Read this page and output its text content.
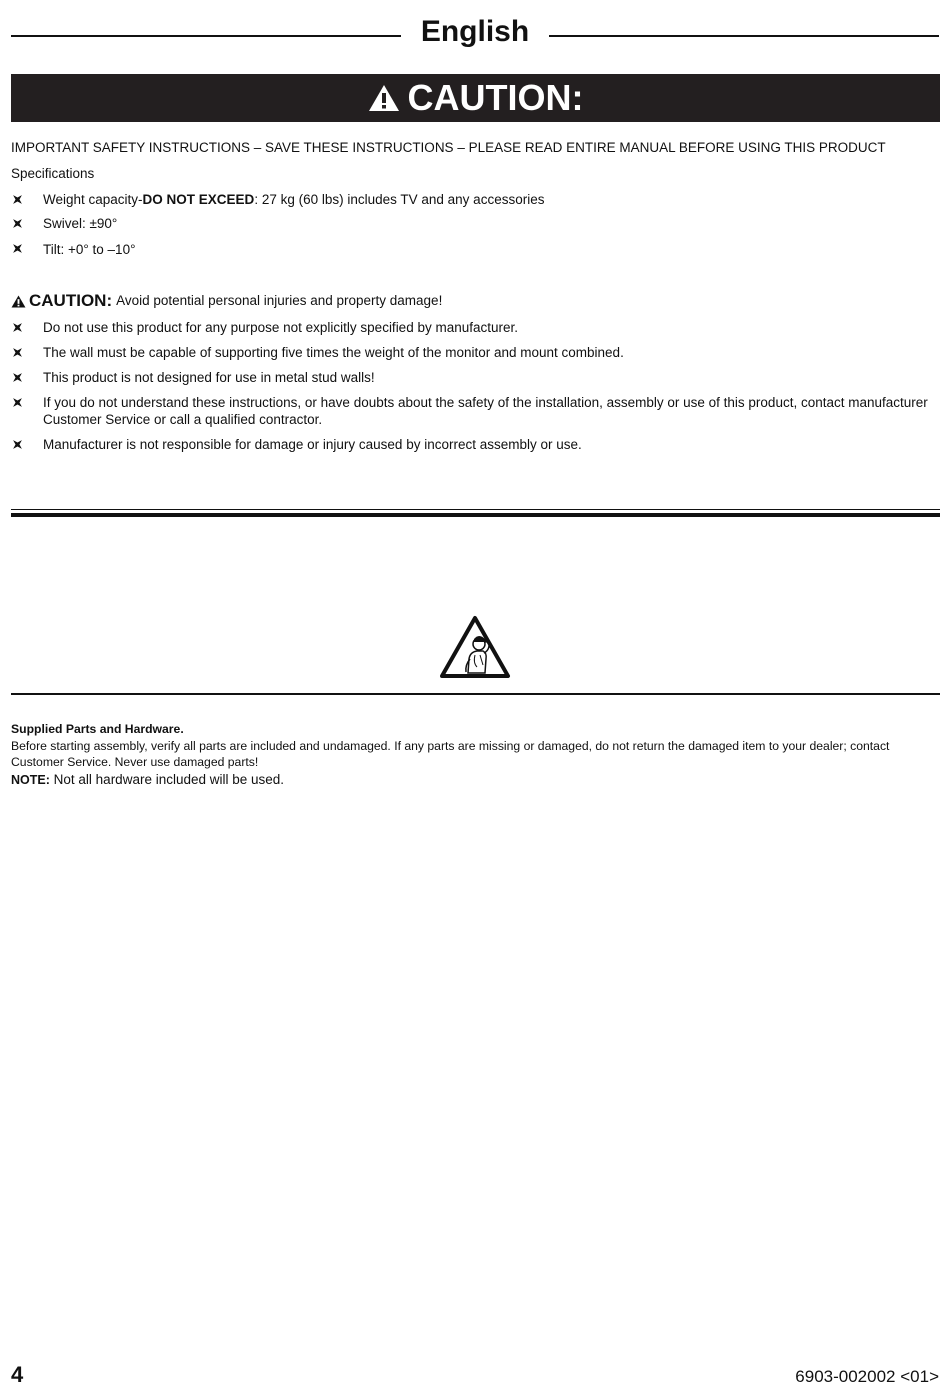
English
CAUTION:
IMPORTANT SAFETY INSTRUCTIONS – SAVE THESE INSTRUCTIONS – PLEASE READ ENTIRE MANUAL BEFORE USING THIS PRODUCT
Specifications
Weight capacity-DO NOT EXCEED: 27 kg (60 lbs) includes TV and any accessories
Swivel: ±90°
Tilt: +0° to –10°
CAUTION: Avoid potential personal injuries and property damage!
Do not use this product for any purpose not explicitly specified by manufacturer.
The wall must be capable of supporting five times the weight of the monitor and mount combined.
This product is not designed for use in metal stud walls!
If you do not understand these instructions, or have doubts about the safety of the installation, assembly or use of this product, contact manufacturer Customer Service or call a qualified contractor.
Manufacturer is not responsible for damage or injury caused by incorrect assembly or use.
Supplied Parts and Hardware.
Before starting assembly, verify all parts are included and undamaged. If any parts are missing or damaged, do not return the damaged item to your dealer; contact Customer Service. Never use damaged parts!
NOTE: Not all hardware included will be used.
4	6903-002002 <01>
